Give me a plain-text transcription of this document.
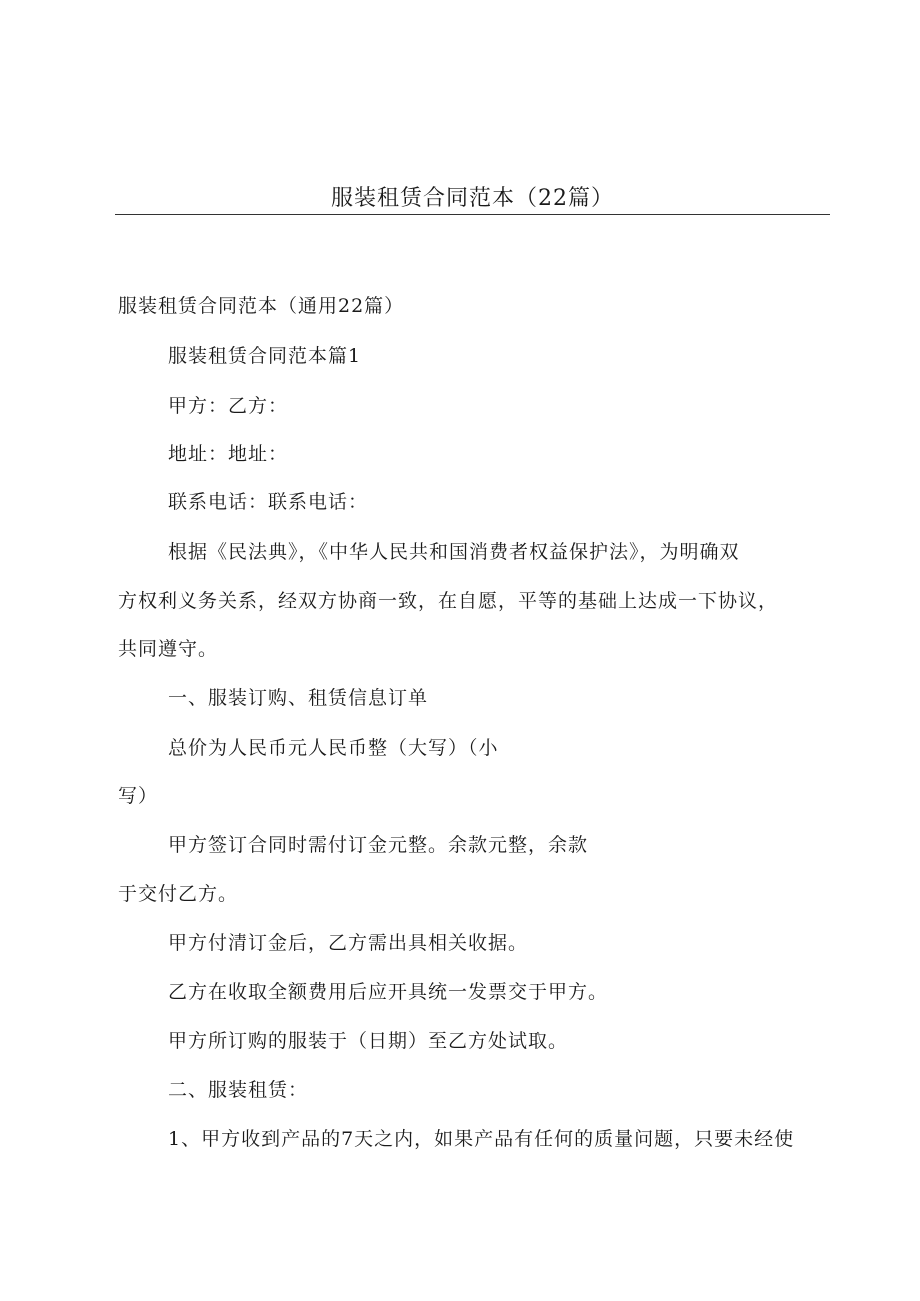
服装租赁合同范本（22篇）
服装租赁合同范本（通用22篇）
服装租赁合同范本篇1
甲方：乙方：
地址：地址：
联系电话：联系电话：
根据《民法典》，《中华人民共和国消费者权益保护法》，为明确双
方权利义务关系，经双方协商一致，在自愿，平等的基础上达成一下协议，
共同遵守。
一、服装订购、租赁信息订单
总价为人民币元人民币整（大写）（小
写）
甲方签订合同时需付订金元整。余款元整，余款
于交付乙方。
甲方付清订金后，乙方需出具相关收据。
乙方在收取全额费用后应开具统一发票交于甲方。
甲方所订购的服装于（日期）至乙方处试取。
二、服装租赁：
1、甲方收到产品的7天之内，如果产品有任何的质量问题，只要未经使
